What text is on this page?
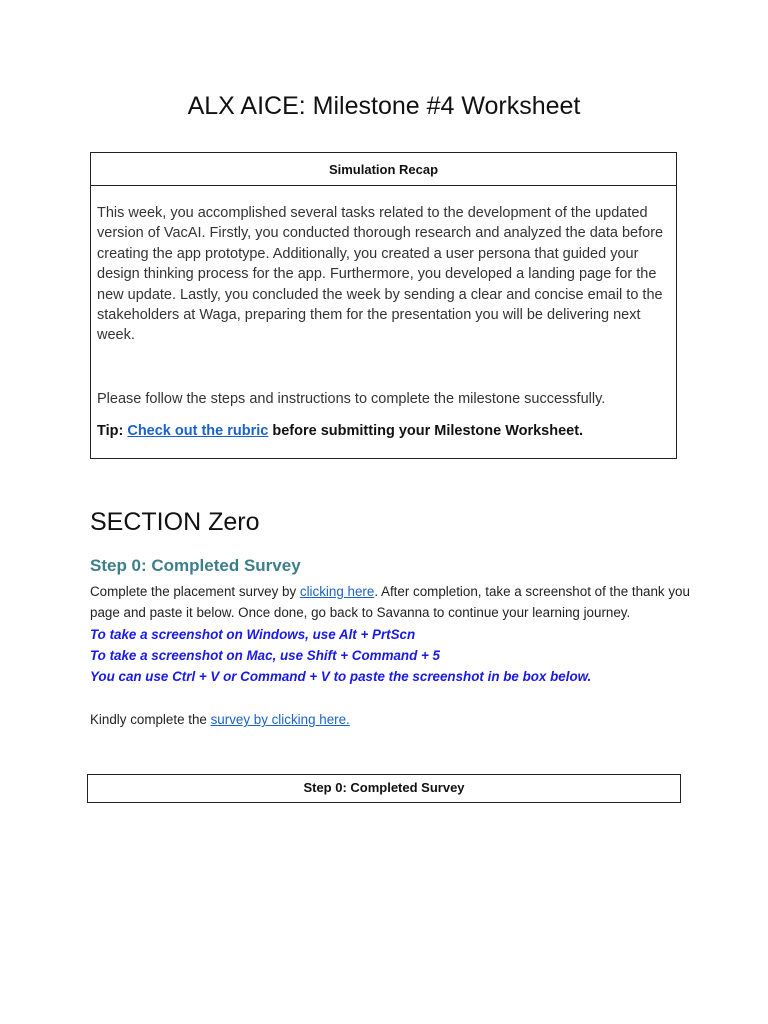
ALX AICE: Milestone #4 Worksheet
Simulation Recap

This week, you accomplished several tasks related to the development of the updated version of VacAI. Firstly, you conducted thorough research and analyzed the data before creating the app prototype. Additionally, you created a user persona that guided your design thinking process for the app. Furthermore, you developed a landing page for the new update. Lastly, you concluded the week by sending a clear and concise email to the stakeholders at Waga, preparing them for the presentation you will be delivering next week.

Please follow the steps and instructions to complete the milestone successfully.

Tip: Check out the rubric before submitting your Milestone Worksheet.

SECTION Zero
Step 0: Completed Survey

Complete the placement survey by clicking here. After completion, take a screenshot of the thank you page and paste it below. Once done, go back to Savanna to continue your learning journey.

To take a screenshot on Windows, use Alt + PrtScn

To take a screenshot on Mac, use Shift + Command + 5

You can use Ctrl + V or Command + V to paste the screenshot in be box below.

Kindly complete the survey by clicking here.

Step 0: Completed Survey
